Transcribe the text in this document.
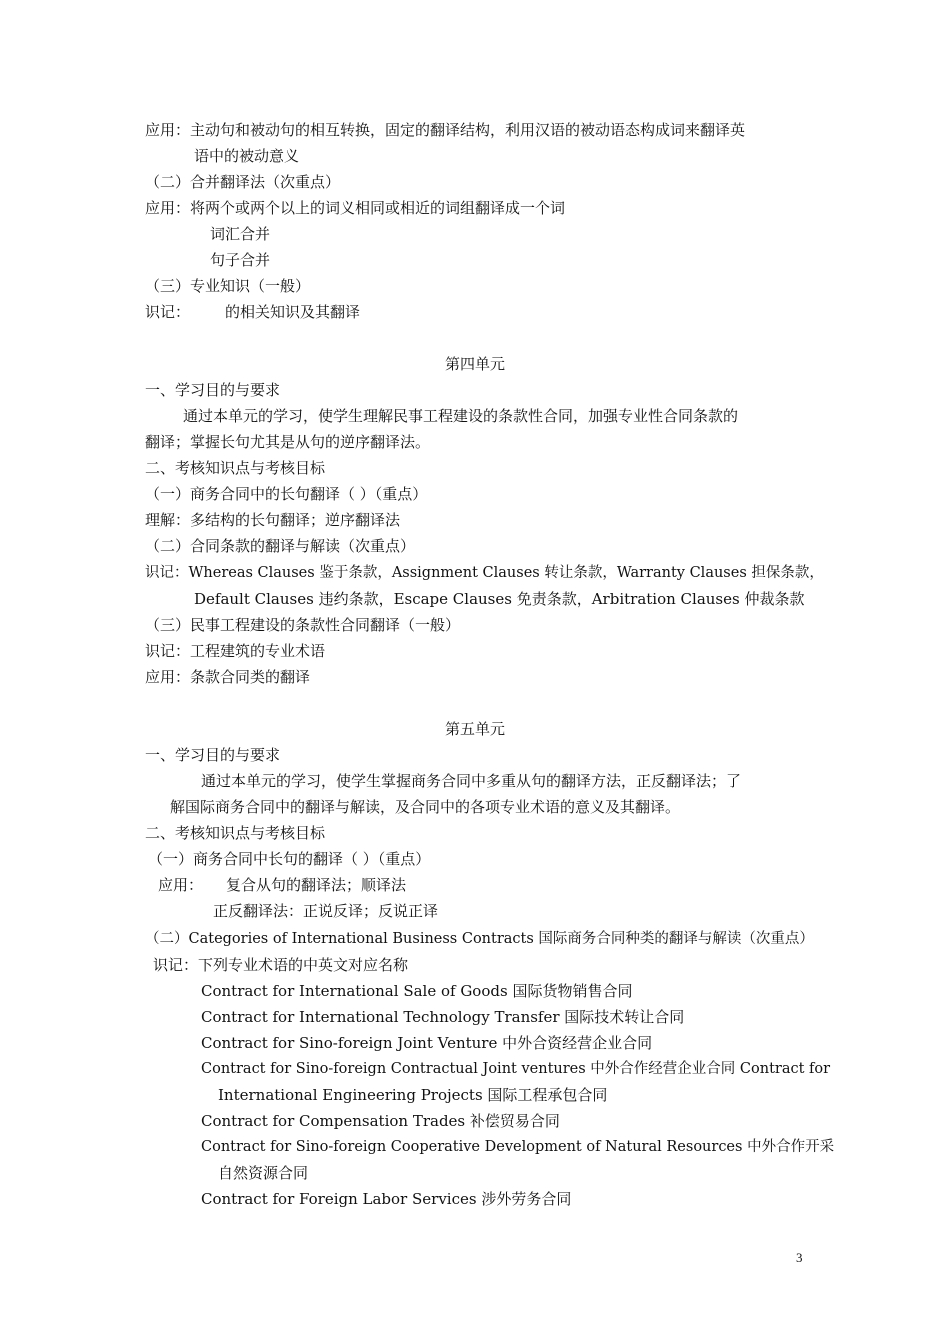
应用：主动句和被动句的相互转换，固定的翻译结构，利用汉语的被动语态构成词来翻译英
语中的被动意义
（二）合并翻译法（次重点）
应用：将两个或两个以上的词义相同或相近的词组翻译成一个词
词汇合并
句子合并
（三）专业知识（一般）
识记： 的相关知识及其翻译
第四单元
一、学习目的与要求
通过本单元的学习，使学生理解民事工程建设的条款性合同，加强专业性合同条款的
翻译；掌握长句尤其是从句的逆序翻译法。
二、考核知识点与考核目标
（一）商务合同中的长句翻译（ ）（重点）
理解：多结构的长句翻译；逆序翻译法
（二）合同条款的翻译与解读（次重点）
识记：Whereas Clauses 鉴于条款，Assignment Clauses 转让条款，Warranty Clauses 担保条款，
Default Clauses 违约条款，Escape Clauses 免责条款，Arbitration Clauses 仲裁条款
（三）民事工程建设的条款性合同翻译（一般）
识记：工程建筑的专业术语
应用：条款合同类的翻译
第五单元
一、学习目的与要求
通过本单元的学习，使学生掌握商务合同中多重从句的翻译方法，正反翻译法；了
解国际商务合同中的翻译与解读，及合同中的各项专业术语的意义及其翻译。
二、考核知识点与考核目标
（一）商务合同中长句的翻译（ ）（重点）
应用： 复合从句的翻译法；顺译法
正反翻译法：正说反译；反说正译
（二）Categories of International Business Contracts 国际商务合同种类的翻译与解读（次重点）
识记：下列专业术语的中英文对应名称
Contract for International Sale of Goods 国际货物销售合同
Contract for International Technology Transfer 国际技术转让合同
Contract for Sino-foreign Joint Venture 中外合资经营企业合同
Contract for Sino-foreign Contractual Joint ventures 中外合作经营企业合同 Contract for
International Engineering Projects 国际工程承包合同
Contract for Compensation Trades 补偿贸易合同
Contract for Sino-foreign Cooperative Development of Natural Resources 中外合作开采
自然资源合同
Contract for Foreign Labor Services 涉外劳务合同
3
